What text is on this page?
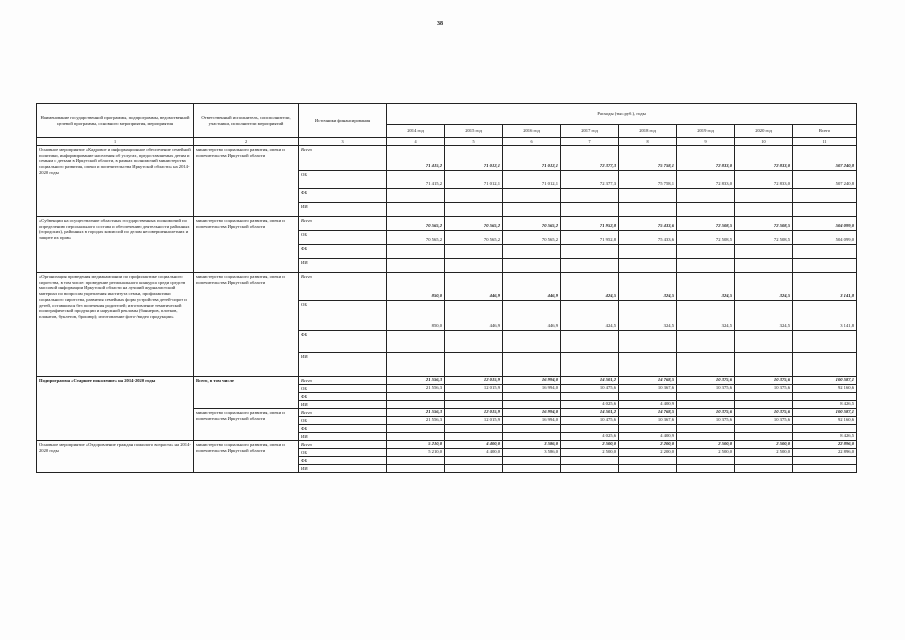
38
Наименование государственной программы, подпрограммы, ведомственной целевой программы, основного мероприятия, мероприятия	Ответственный исполнитель, соисполнители, участники, исполнители мероприятий	Источники финансирования	Расходы (тыс.руб.), годы							
			2014 год	2015 год	2016 год	2017 год	2018 год	2019 год	2020 год	Всего
1	2	3	4	5	6	7	8	9	10	11
Основное мероприятие «Кадровое и информационное обеспечение семейной политики, информирование населения об услугах, предоставляемых детям и семьям с детьми в Иркутской области, в рамках полномочий министерства социального развития, опеки и попечительства Иркутской области» на 2014-2020 годы	министерство социального развития, опеки и попечительства Иркутской области	Всего	71 415,2	71 012,1	71 012,1	72 377,3	75 758,1	72 833,0	72 833,0	507 240,8
		ОБ	71 415,2	71 012,1	71 012,1	72 377,3	75 758,1	72 833,0	72 833,0	507 240,8
		ФБ								
		ИИ								
«Субвенции на осуществление областных государственных полномочий по определению персонального состава и обеспечению деятельности районных (городских), районных в городах комиссий по делам несовершеннолетних и защите их прав»	министерство социального развития, опеки и попечительства Иркутской области	Всего	70 565,2	70 565,2	70 565,2	71 952,8	75 433,6	72 508,5	72 508,5	504 099,0
		ОБ	70 565,2	70 565,2	70 565,2	71 952,8	75 433,6	72 508,5	72 508,5	504 099,0
		ФБ								
		ИИ								
«Организация проведения медиакампании по профилактике социального сиротства, в том числе: проведение регионального конкурса среди средств массовой информации Иркутской области на лучший журналистский материал по вопросам укрепления института семьи, профилактики социального сиротства, развития семейных форм устройства детей-сирот и детей, оставшихся без попечения родителей; изготовление тематической полиграфической продукции и наружной рекламы (баннеров, плотков, плакатов, буклетов, брошюр); изготовление фото-/видео продукции»	министерство социального развития, опеки и попечительства Иркутской области	Всего	850,0	446,9	446,9	424,5	324,5	324,5	324,5	3 141,8
		ОБ	850,0	446,9	446,9	424,5	324,5	324,5	324,5	3 141,8
		ФБ								
		ИИ								
Подпрограмма «Старшее поколение» на 2014-2020 годы	Всего, в том числе	Всего	21 556,3	12 015,9	16 994,0	14 501,2	14 768,5	10 375,6	10 375,6	100 587,1
		ОБ	21 556,3	12 015,9	16 994,0	10 475,6	10 367,6	10 375,6	10 375,6	92 160,6
		ФБ								
		ИИ				4 025,6	4 400,9			8 426,5
	министерство социального развития, опеки и попечительства Иркутской области	Всего	21 556,3	12 015,9	16 994,0	14 501,2	14 768,5	10 375,6	10 375,6	100 587,1
		ОБ	21 556,3	12 015,9	16 994,0	10 475,6	10 367,6	10 375,6	10 375,6	92 160,6
		ФБ								
		ИИ				4 025,6	4 400,9			8 426,5
Основное мероприятие «Оздоровление граждан пожилого возраста» на 2014-2020 годы	министерство социального развития, опеки и попечительства Иркутской области	Всего	5 210,0	4 400,0	3 586,0	2 500,0	2 200,0	2 500,0	2 500,0	22 896,0
		ОБ	5 210,0	4 400,0	3 586,0	2 500,0	2 200,0	2 500,0	2 500,0	22 896,0
		ФБ								
		ИИ								
